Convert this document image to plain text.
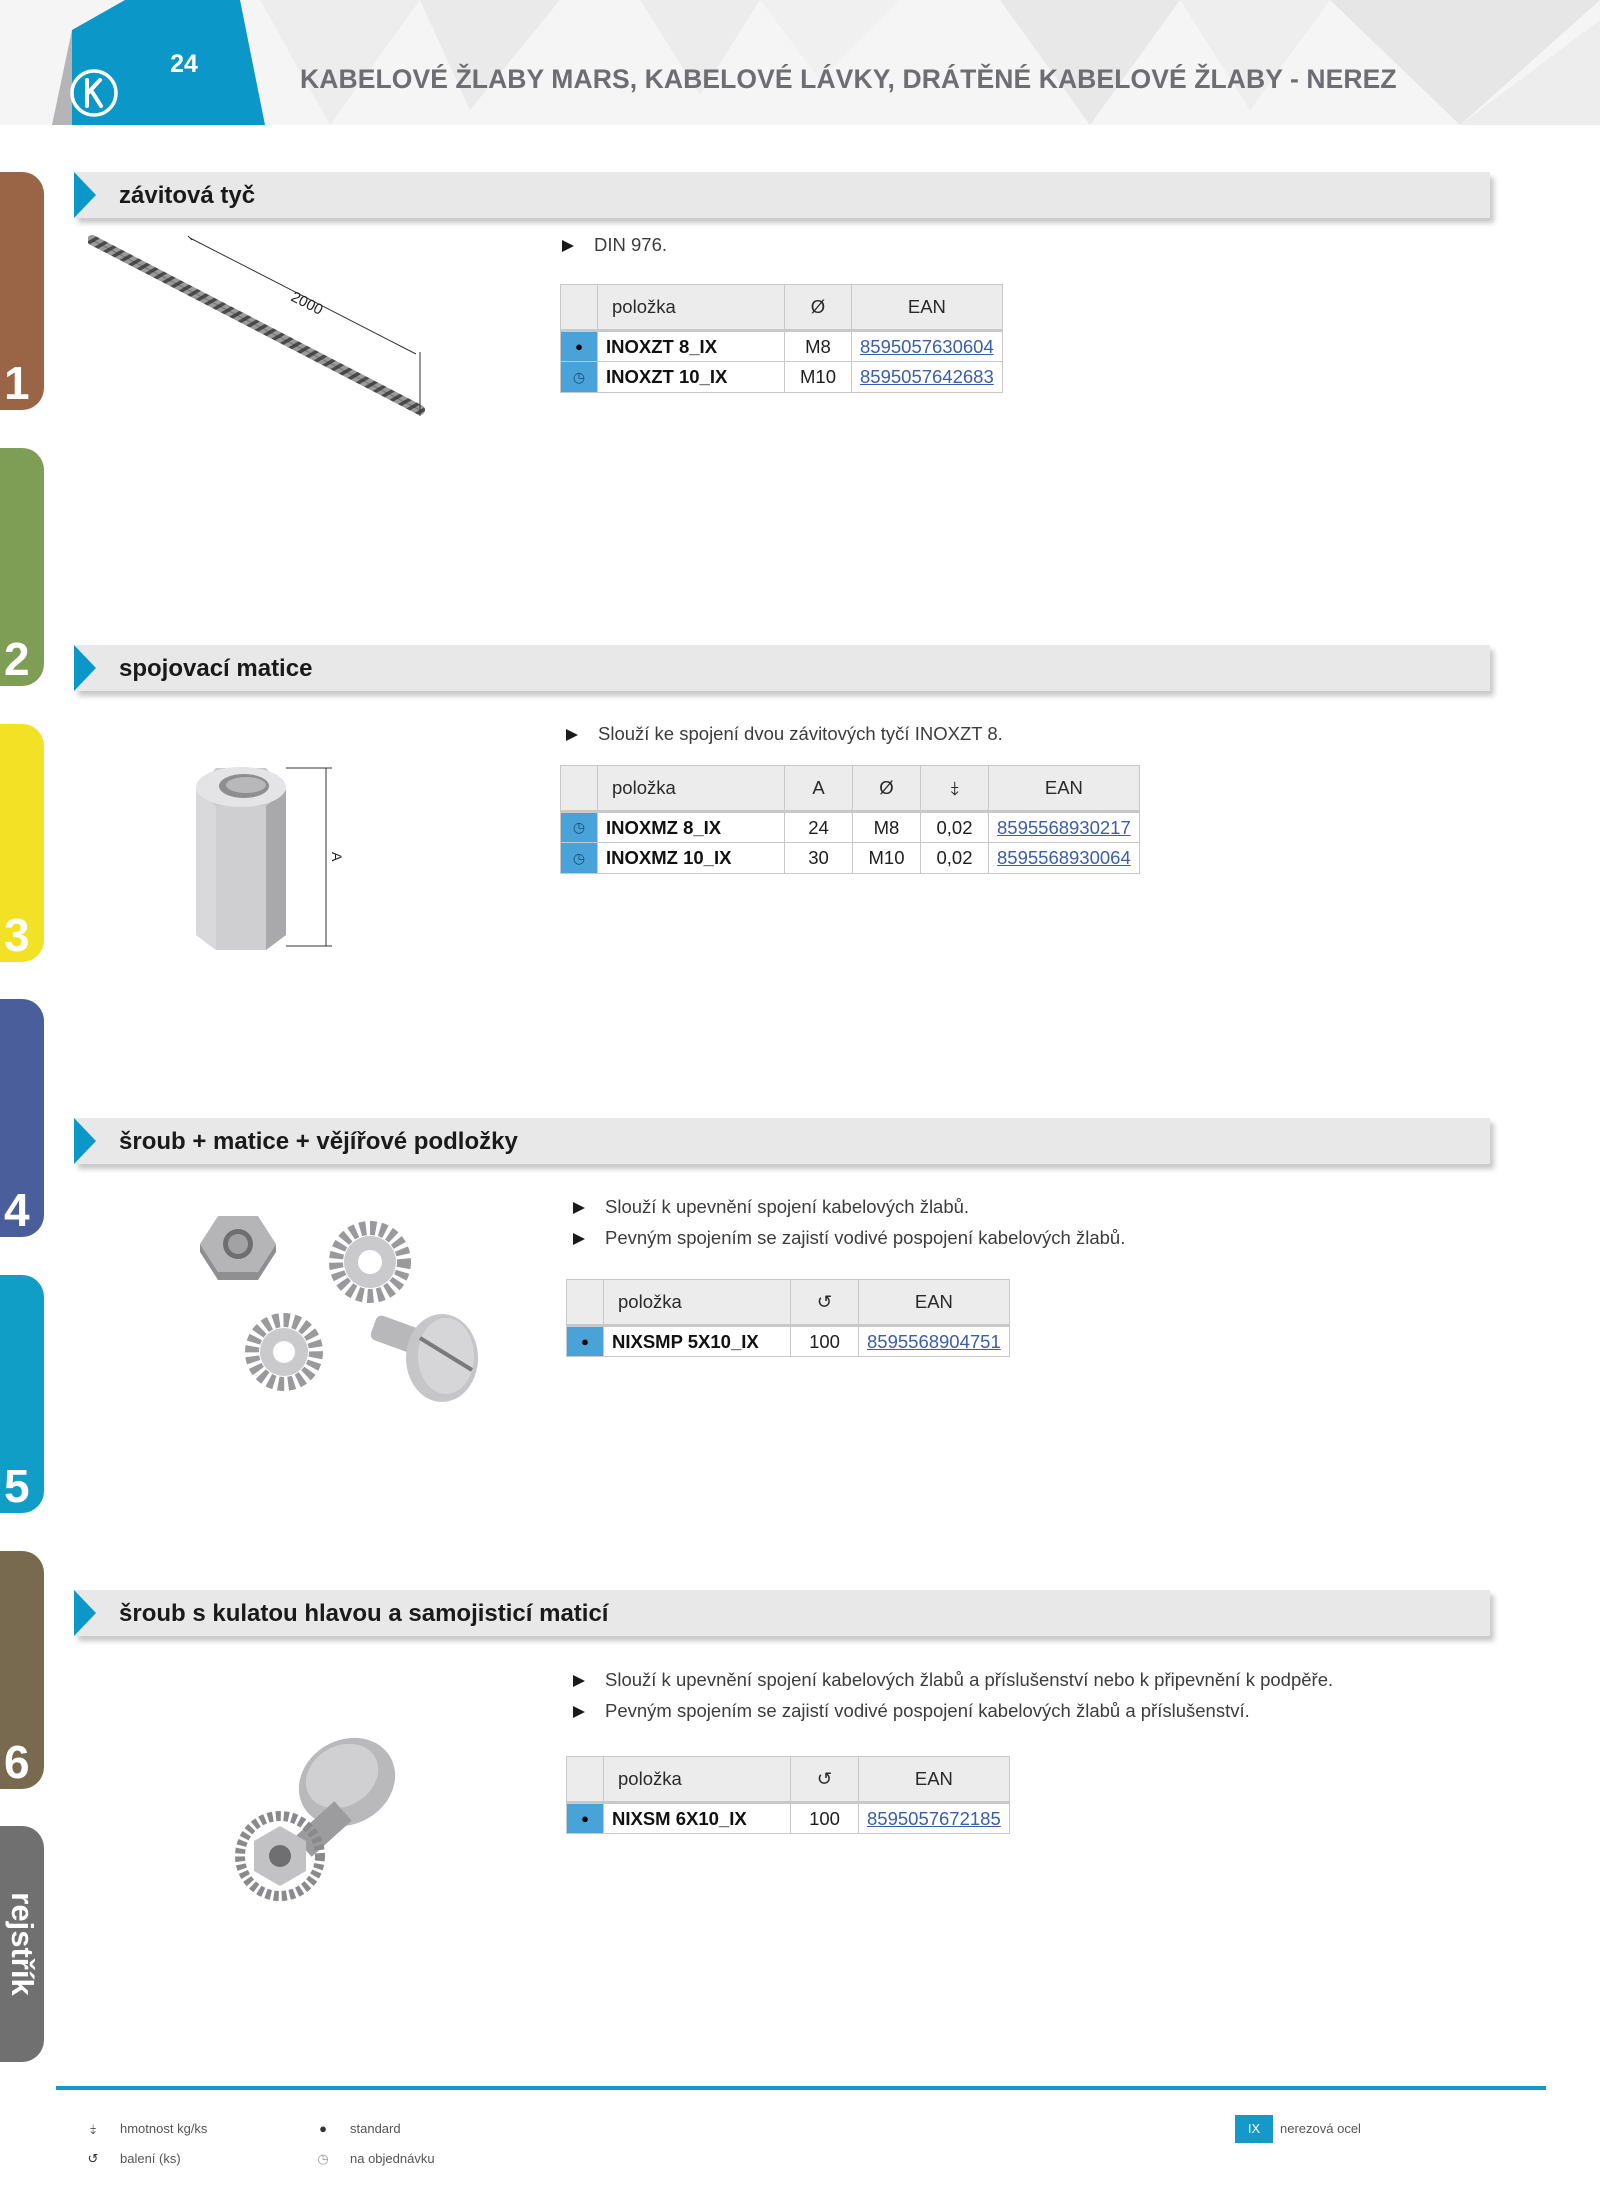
24	KABELOVÉ ŽLABY MARS, KABELOVÉ LÁVKY, DRÁTĚNÉ KABELOVÉ ŽLABY - NEREZ
1
2
3
4
5
6
rejstřík
závitová tyč
2000
DIN 976.
	položka	Ø	EAN
●	INOXZT 8_IX	M8	8595057630604
◷	INOXZT 10_IX	M10	8595057642683
spojovací matice
A
Slouží ke spojení dvou závitových tyčí INOXZT 8.
	položka	A	Ø	⤈	EAN
◷	INOXMZ 8_IX	24	M8	0,02	8595568930217
◷	INOXMZ 10_IX	30	M10	0,02	8595568930064
šroub + matice + vějířové podložky
Slouží k upevnění spojení kabelových žlabů.
Pevným spojením se zajistí vodivé pospojení kabelových žlabů.
	položka	↺	EAN
●	NIXSMP 5X10_IX	100	8595568904751
šroub s kulatou hlavou a samojisticí maticí
Slouží k upevnění spojení kabelových žlabů a příslušenství nebo k připevnění k podpěře.
Pevným spojením se zajistí vodivé pospojení kabelových žlabů a příslušenství.
	položka	↺	EAN
●	NIXSM 6X10_IX	100	8595057672185
⤈	hmotnost kg/ks
↺ balení (ks)
●	standard
◷ na objednávku
IX	nerezová ocel
